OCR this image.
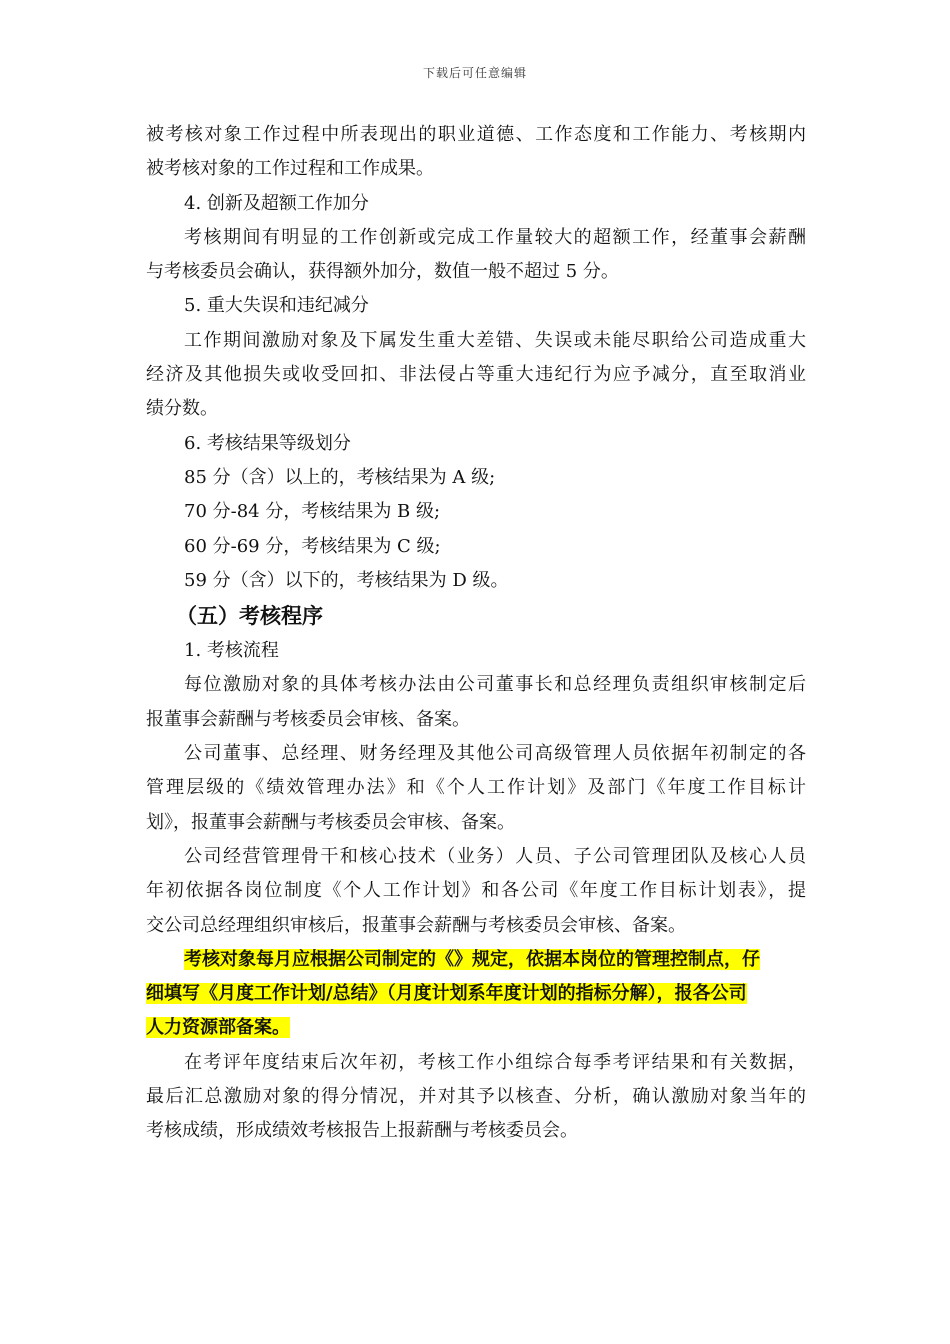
下载后可任意编辑
被考核对象工作过程中所表现出的职业道德、工作态度和工作能力、考核期内
被考核对象的工作过程和工作成果。
4. 创新及超额工作加分
考核期间有明显的工作创新或完成工作量较大的超额工作，经董事会薪酬
与考核委员会确认，获得额外加分，数值一般不超过 5 分。
5. 重大失误和违纪减分
工作期间激励对象及下属发生重大差错、失误或未能尽职给公司造成重大
经济及其他损失或收受回扣、非法侵占等重大违纪行为应予减分，直至取消业
绩分数。
6. 考核结果等级划分
85 分（含）以上的，考核结果为 A 级;
70 分-84 分，考核结果为 B 级;
60 分-69 分，考核结果为 C 级;
59 分（含）以下的，考核结果为 D 级。
（五）考核程序
1. 考核流程
每位激励对象的具体考核办法由公司董事长和总经理负责组织审核制定后
报董事会薪酬与考核委员会审核、备案。
公司董事、总经理、财务经理及其他公司高级管理人员依据年初制定的各
管理层级的《绩效管理办法》和《个人工作计划》及部门《年度工作目标计
划》，报董事会薪酬与考核委员会审核、备案。
公司经营管理骨干和核心技术（业务）人员、子公司管理团队及核心人员
年初依据各岗位制度《个人工作计划》和各公司《年度工作目标计划表》，提
交公司总经理组织审核后，报董事会薪酬与考核委员会审核、备案。
考核对象每月应根据公司制定的《》规定，依据本岗位的管理控制点，仔
细填写《月度工作计划/总结》（月度计划系年度计划的指标分解），报各公司
人力资源部备案。
在考评年度结束后次年初，考核工作小组综合每季考评结果和有关数据，
最后汇总激励对象的得分情况，并对其予以核查、分析，确认激励对象当年的
考核成绩，形成绩效考核报告上报薪酬与考核委员会。
